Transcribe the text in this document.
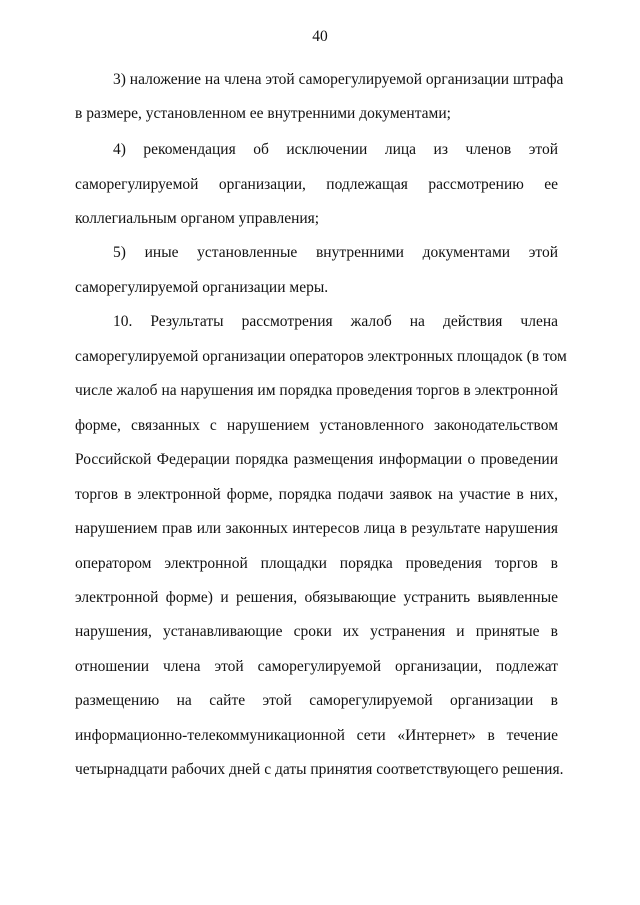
40
3) наложение на члена этой саморегулируемой организации штрафа
в размере, установленном ее внутренними документами;
4) рекомендация об исключении лица из членов этой
саморегулируемой организации, подлежащая рассмотрению ее
коллегиальным органом управления;
5) иные установленные внутренними документами этой
саморегулируемой организации меры.
10. Результаты рассмотрения жалоб на действия члена
саморегулируемой организации операторов электронных площадок (в том
числе жалоб на нарушения им порядка проведения торгов в электронной
форме, связанных с нарушением установленного законодательством
Российской Федерации порядка размещения информации о проведении
торгов в электронной форме, порядка подачи заявок на участие в них,
нарушением прав или законных интересов лица в результате нарушения
оператором электронной площадки порядка проведения торгов в
электронной форме) и решения, обязывающие устранить выявленные
нарушения, устанавливающие сроки их устранения и принятые в
отношении члена этой саморегулируемой организации, подлежат
размещению на сайте этой саморегулируемой организации в
информационно-телекоммуникационной сети «Интернет» в течение
четырнадцати рабочих дней с даты принятия соответствующего решения.
